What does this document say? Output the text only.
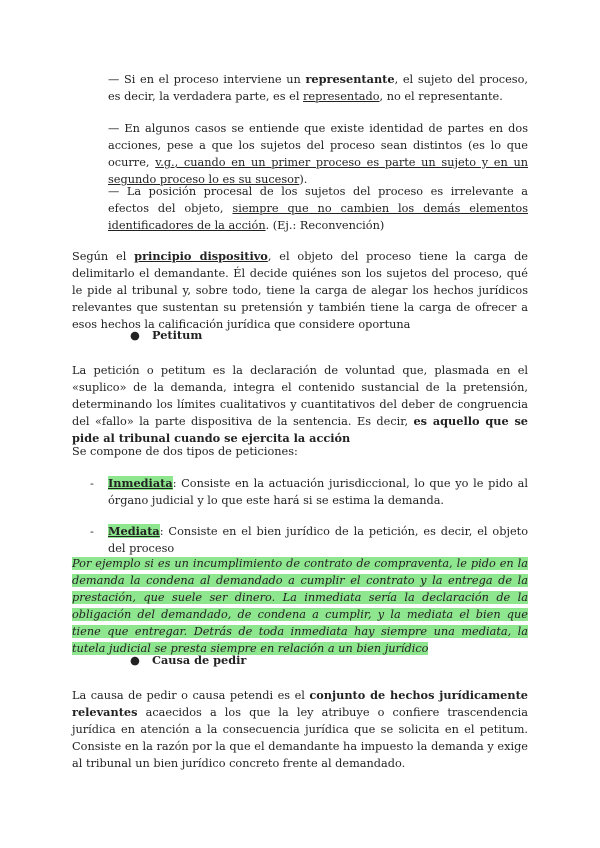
— Si en el proceso interviene un representante, el sujeto del proceso, es decir, la verdadera parte, es el representado, no el representante.
— En algunos casos se entiende que existe identidad de partes en dos acciones, pese a que los sujetos del proceso sean distintos (es lo que ocurre, v.g., cuando en un primer proceso es parte un sujeto y en un segundo proceso lo es su sucesor).
— La posición procesal de los sujetos del proceso es irrelevante a efectos del objeto, siempre que no cambien los demás elementos identificadores de la acción. (Ej.: Reconvención)
Según el principio dispositivo, el objeto del proceso tiene la carga de delimitarlo el demandante. Él decide quiénes son los sujetos del proceso, qué le pide al tribunal y, sobre todo, tiene la carga de alegar los hechos jurídicos relevantes que sustentan su pretensión y también tiene la carga de ofrecer a esos hechos la calificación jurídica que considere oportuna
● Petitum
La petición o petitum es la declaración de voluntad que, plasmada en el «suplico» de la demanda, integra el contenido sustancial de la pretensión, determinando los límites cualitativos y cuantitativos del deber de congruencia del «fallo» la parte dispositiva de la sentencia. Es decir, es aquello que se pide al tribunal cuando se ejercita la acción
Se compone de dos tipos de peticiones:
- Inmediata: Consiste en la actuación jurisdiccional, lo que yo le pido al órgano judicial y lo que este hará si se estima la demanda.
- Mediata: Consiste en el bien jurídico de la petición, es decir, el objeto del proceso
Por ejemplo si es un incumplimiento de contrato de compraventa, le pido en la demanda la condena al demandado a cumplir el contrato y la entrega de la prestación, que suele ser dinero. La inmediata sería la declaración de la obligación del demandado, de condena a cumplir, y la mediata el bien que tiene que entregar. Detrás de toda inmediata hay siempre una mediata, la tutela judicial se presta siempre en relación a un bien jurídico
● Causa de pedir
La causa de pedir o causa petendi es el conjunto de hechos jurídicamente relevantes acaecidos a los que la ley atribuye o confiere trascendencia jurídica en atención a la consecuencia jurídica que se solicita en el petitum. Consiste en la razón por la que el demandante ha impuesto la demanda y exige al tribunal un bien jurídico concreto frente al demandado.
